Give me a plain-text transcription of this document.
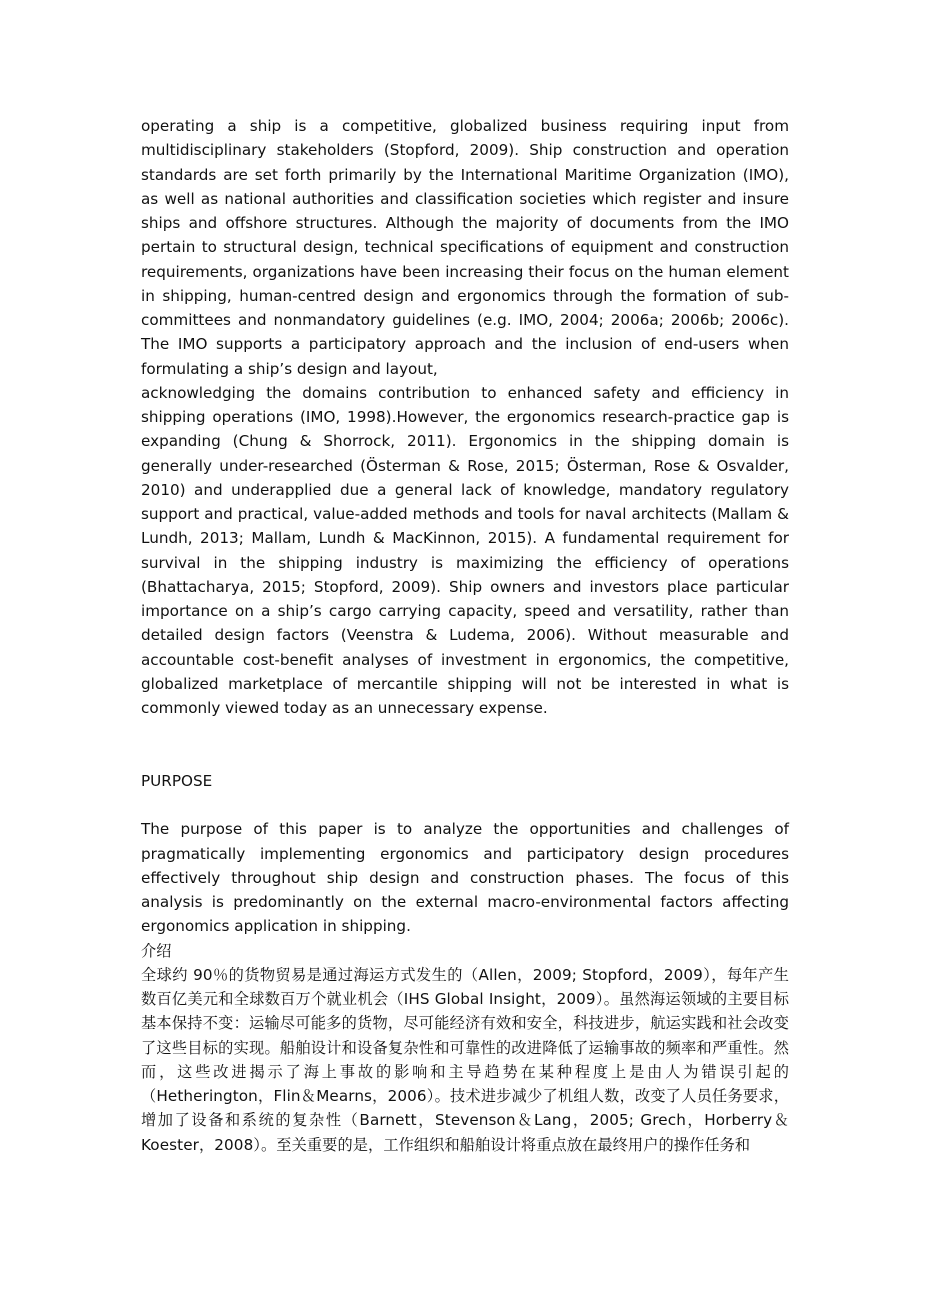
operating a ship is a competitive, globalized business requiring input from multidisciplinary stakeholders (Stopford, 2009). Ship construction and operation standards are set forth primarily by the International Maritime Organization (IMO), as well as national authorities and classification societies which register and insure ships and offshore structures. Although the majority of documents from the IMO pertain to structural design, technical specifications of equipment and construction requirements, organizations have been increasing their focus on the human element in shipping, human-centred design and ergonomics through the formation of sub-committees and nonmandatory guidelines (e.g. IMO, 2004; 2006a; 2006b; 2006c). The IMO supports a participatory approach and the inclusion of end-users when formulating a ship’s design and layout,

acknowledging the domains contribution to enhanced safety and efficiency in shipping operations (IMO, 1998).However, the ergonomics research-practice gap is expanding (Chung & Shorrock, 2011). Ergonomics in the shipping domain is generally under-researched (Österman & Rose, 2015; Österman, Rose & Osvalder, 2010) and underapplied due a general lack of knowledge, mandatory regulatory support and practical, value-added methods and tools for naval architects (Mallam & Lundh, 2013; Mallam, Lundh & MacKinnon, 2015). A fundamental requirement for survival in the shipping industry is maximizing the efficiency of operations (Bhattacharya, 2015; Stopford, 2009). Ship owners and investors place particular importance on a ship’s cargo carrying capacity, speed and versatility, rather than detailed design factors (Veenstra & Ludema, 2006). Without measurable and accountable cost-benefit analyses of investment in ergonomics, the competitive, globalized marketplace of mercantile shipping will not be interested in what is commonly viewed today as an unnecessary expense.

PURPOSE

The purpose of this paper is to analyze the opportunities and challenges of pragmatically implementing ergonomics and participatory design procedures effectively throughout ship design and construction phases. The focus of this analysis is predominantly on the external macro-environmental factors affecting ergonomics application in shipping.

介绍

全球约 90％的货物贸易是通过海运方式发生的（Allen，2009; Stopford，2009），每年产生数百亿美元和全球数百万个就业机会（IHS Global Insight，2009）。虽然海运领域的主要目标基本保持不变：运输尽可能多的货物，尽可能经济有效和安全，科技进步，航运实践和社会改变了这些目标的实现。船舶设计和设备复杂性和可靠性的改进降低了运输事故的频率和严重性。然而，这些改进揭示了海上事故的影响和主导趋势在某种程度上是由人为错误引起的（Hetherington，Flin＆Mearns，2006）。技术进步减少了机组人数，改变了人员任务要求，增加了设备和系统的复杂性（Barnett，Stevenson＆Lang，2005; Grech，Horberry＆Koester，2008）。至关重要的是，工作组织和船舶设计将重点放在最终用户的操作任务和
